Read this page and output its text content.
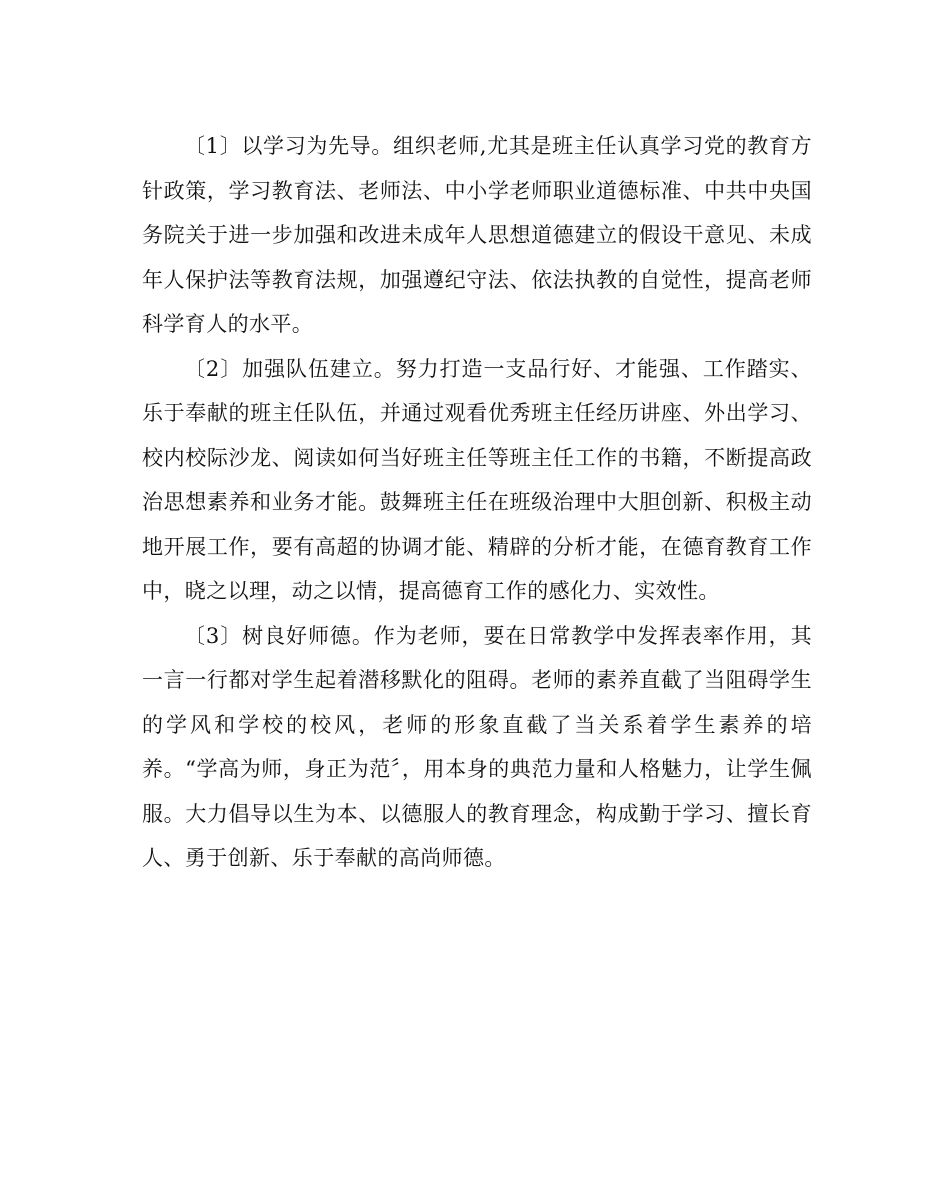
〔1〕以学习为先导。组织老师,尤其是班主任认真学习党的教育方针政策，学习教育法、老师法、中小学老师职业道德标准、中共中央国务院关于进一步加强和改进未成年人思想道德建立的假设干意见、未成年人保护法等教育法规，加强遵纪守法、依法执教的自觉性，提高老师科学育人的水平。

〔2〕加强队伍建立。努力打造一支品行好、才能强、工作踏实、乐于奉献的班主任队伍，并通过观看优秀班主任经历讲座、外出学习、校内校际沙龙、阅读如何当好班主任等班主任工作的书籍，不断提高政治思想素养和业务才能。鼓舞班主任在班级治理中大胆创新、积极主动地开展工作，要有高超的协调才能、精辟的分析才能，在德育教育工作中，晓之以理，动之以情，提高德育工作的感化力、实效性。

〔3〕树良好师德。作为老师，要在日常教学中发挥表率作用，其一言一行都对学生起着潜移默化的阻碍。老师的素养直截了当阻碍学生的学风和学校的校风，老师的形象直截了当关系着学生素养的培养。“学高为师，身正为范〞，用本身的典范力量和人格魅力，让学生佩服。大力倡导以生为本、以德服人的教育理念，构成勤于学习、擅长育人、勇于创新、乐于奉献的高尚师德。
